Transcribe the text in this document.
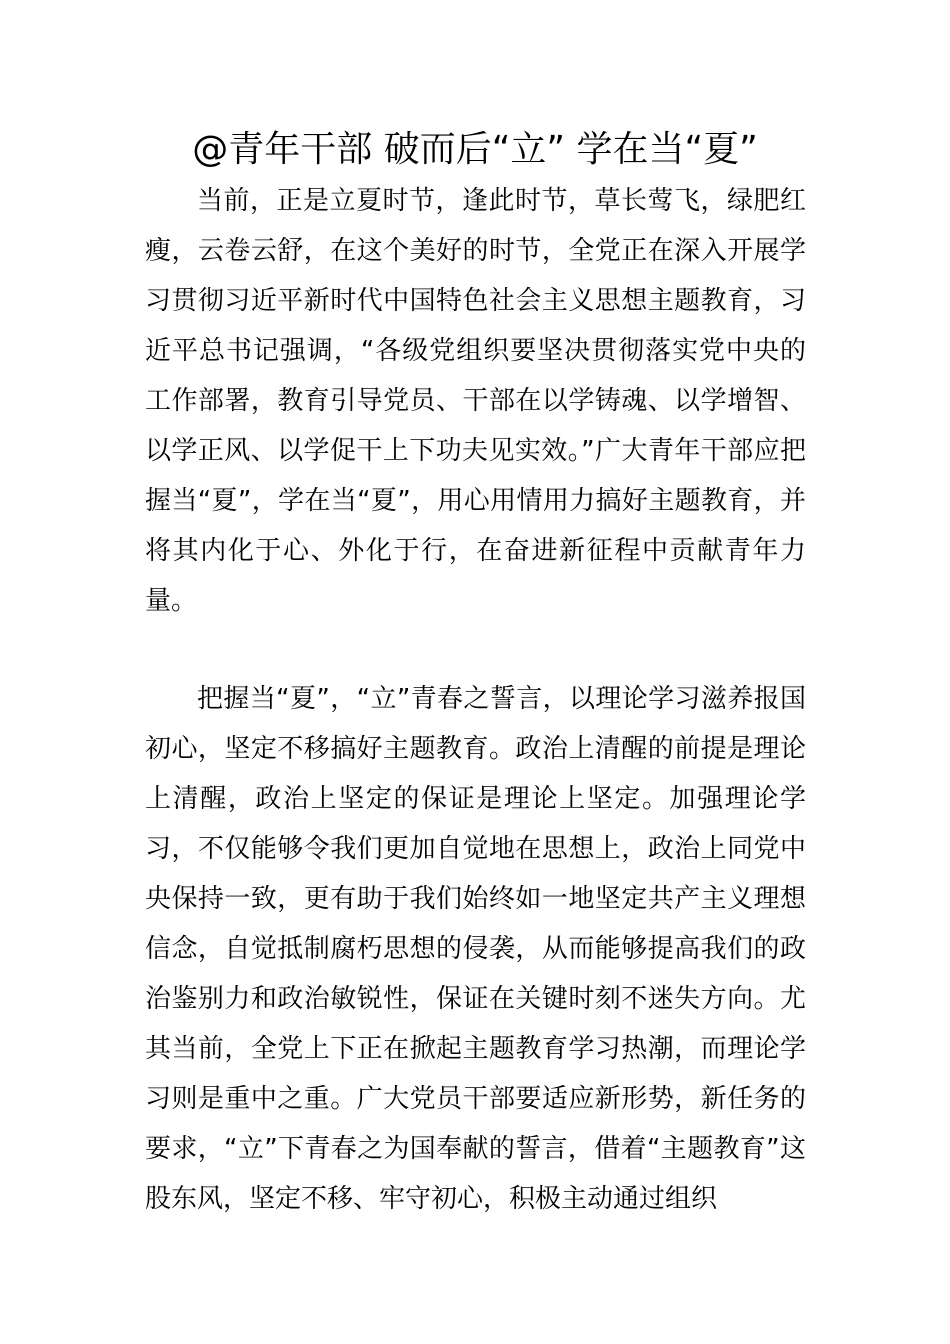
@青年干部 破而后“立” 学在当“夏”

当前，正是立夏时节，逢此时节，草长莺飞，绿肥红瘦，云卷云舒，在这个美好的时节，全党正在深入开展学习贯彻习近平新时代中国特色社会主义思想主题教育，习近平总书记强调，“各级党组织要坚决贯彻落实党中央的工作部署，教育引导党员、干部在以学铸魂、以学增智、以学正风、以学促干上下功夫见实效。”广大青年干部应把握当“夏”，学在当“夏”，用心用情用力搞好主题教育，并将其内化于心、外化于行，在奋进新征程中贡献青年力量。

把握当“夏”，“立”青春之誓言，以理论学习滋养报国初心，坚定不移搞好主题教育。政治上清醒的前提是理论上清醒，政治上坚定的保证是理论上坚定。加强理论学习，不仅能够令我们更加自觉地在思想上，政治上同党中央保持一致，更有助于我们始终如一地坚定共产主义理想信念，自觉抵制腐朽思想的侵袭，从而能够提高我们的政治鉴别力和政治敏锐性，保证在关键时刻不迷失方向。尤其当前，全党上下正在掀起主题教育学习热潮，而理论学习则是重中之重。广大党员干部要适应新形势，新任务的要求，“立”下青春之为国奉献的誓言，借着“主题教育”这股东风，坚定不移、牢守初心，积极主动通过组织
